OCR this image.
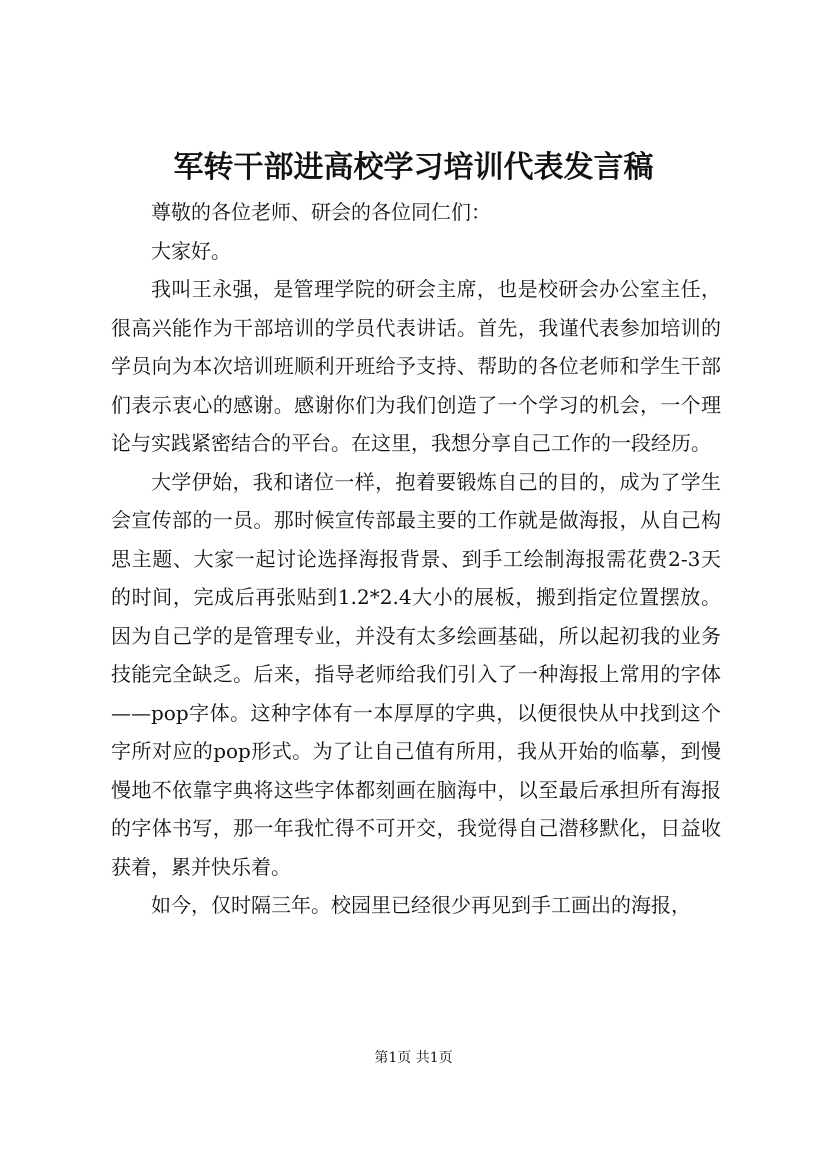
军转干部进高校学习培训代表发言稿

尊敬的各位老师、研会的各位同仁们：

大家好。

我叫王永强，是管理学院的研会主席，也是校研会办公室主任，很高兴能作为干部培训的学员代表讲话。首先，我谨代表参加培训的学员向为本次培训班顺利开班给予支持、帮助的各位老师和学生干部们表示衷心的感谢。感谢你们为我们创造了一个学习的机会，一个理论与实践紧密结合的平台。在这里，我想分享自己工作的一段经历。

大学伊始，我和诸位一样，抱着要锻炼自己的目的，成为了学生会宣传部的一员。那时候宣传部最主要的工作就是做海报，从自己构思主题、大家一起讨论选择海报背景、到手工绘制海报需花费2-3天的时间，完成后再张贴到1.2*2.4大小的展板，搬到指定位置摆放。因为自己学的是管理专业，并没有太多绘画基础，所以起初我的业务技能完全缺乏。后来，指导老师给我们引入了一种海报上常用的字体——pop字体。这种字体有一本厚厚的字典，以便很快从中找到这个字所对应的pop形式。为了让自己值有所用，我从开始的临摹，到慢慢地不依靠字典将这些字体都刻画在脑海中，以至最后承担所有海报的字体书写，那一年我忙得不可开交，我觉得自己潜移默化，日益收获着，累并快乐着。

如今，仅时隔三年。校园里已经很少再见到手工画出的海报，

第1页 共1页
